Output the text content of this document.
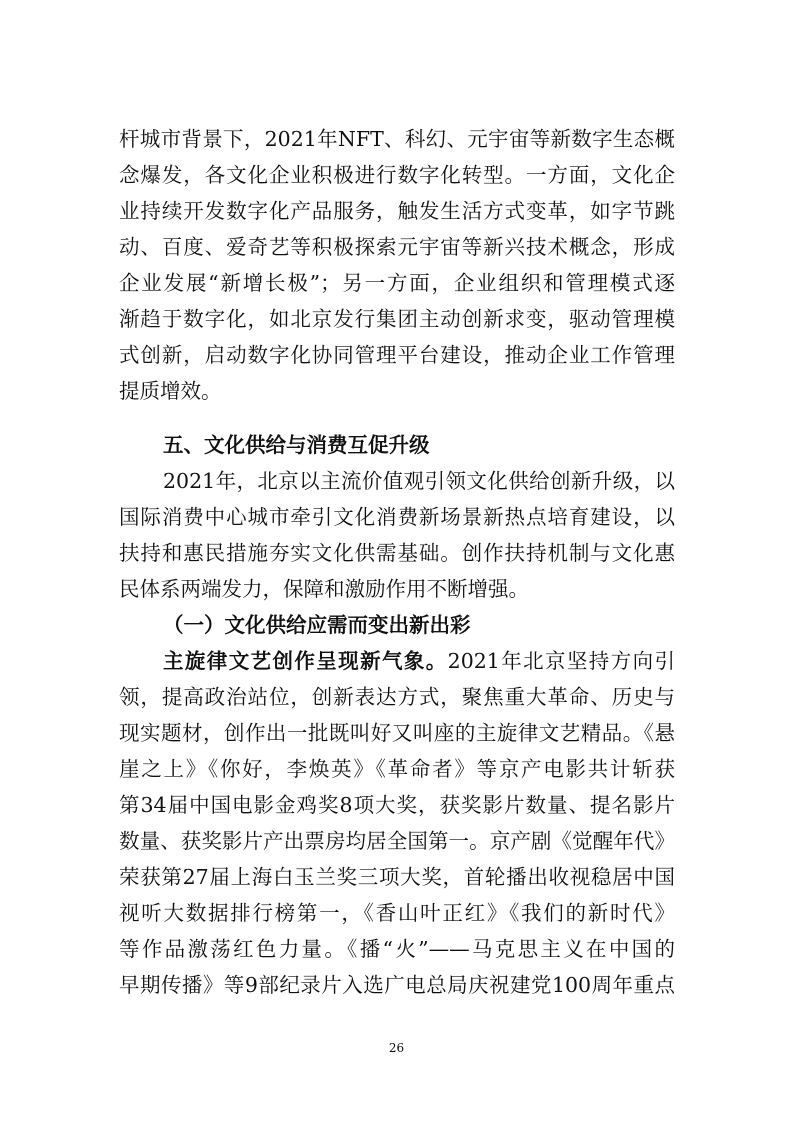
杆城市背景下，2021年NFT、科幻、元宇宙等新数字生态概
念爆发，各文化企业积极进行数字化转型。一方面，文化企
业持续开发数字化产品服务，触发生活方式变革，如字节跳
动、百度、爱奇艺等积极探索元宇宙等新兴技术概念，形成
企业发展“新增长极”；另一方面，企业组织和管理模式逐
渐趋于数字化，如北京发行集团主动创新求变，驱动管理模
式创新，启动数字化协同管理平台建设，推动企业工作管理
提质增效。
五、文化供给与消费互促升级
2021年，北京以主流价值观引领文化供给创新升级，以
国际消费中心城市牵引文化消费新场景新热点培育建设，以
扶持和惠民措施夯实文化供需基础。创作扶持机制与文化惠
民体系两端发力，保障和激励作用不断增强。
（一）文化供给应需而变出新出彩
主旋律文艺创作呈现新气象。2021年北京坚持方向引
领，提高政治站位，创新表达方式，聚焦重大革命、历史与
现实题材，创作出一批既叫好又叫座的主旋律文艺精品。《悬
崖之上》《你好，李焕英》《革命者》等京产电影共计斩获
第34届中国电影金鸡奖8项大奖，获奖影片数量、提名影片
数量、获奖影片产出票房均居全国第一。京产剧《觉醒年代》
荣获第27届上海白玉兰奖三项大奖，首轮播出收视稳居中国
视听大数据排行榜第一，《香山叶正红》《我们的新时代》
等作品激荡红色力量。《播“火”——马克思主义在中国的
早期传播》等9部纪录片入选广电总局庆祝建党100周年重点
26
